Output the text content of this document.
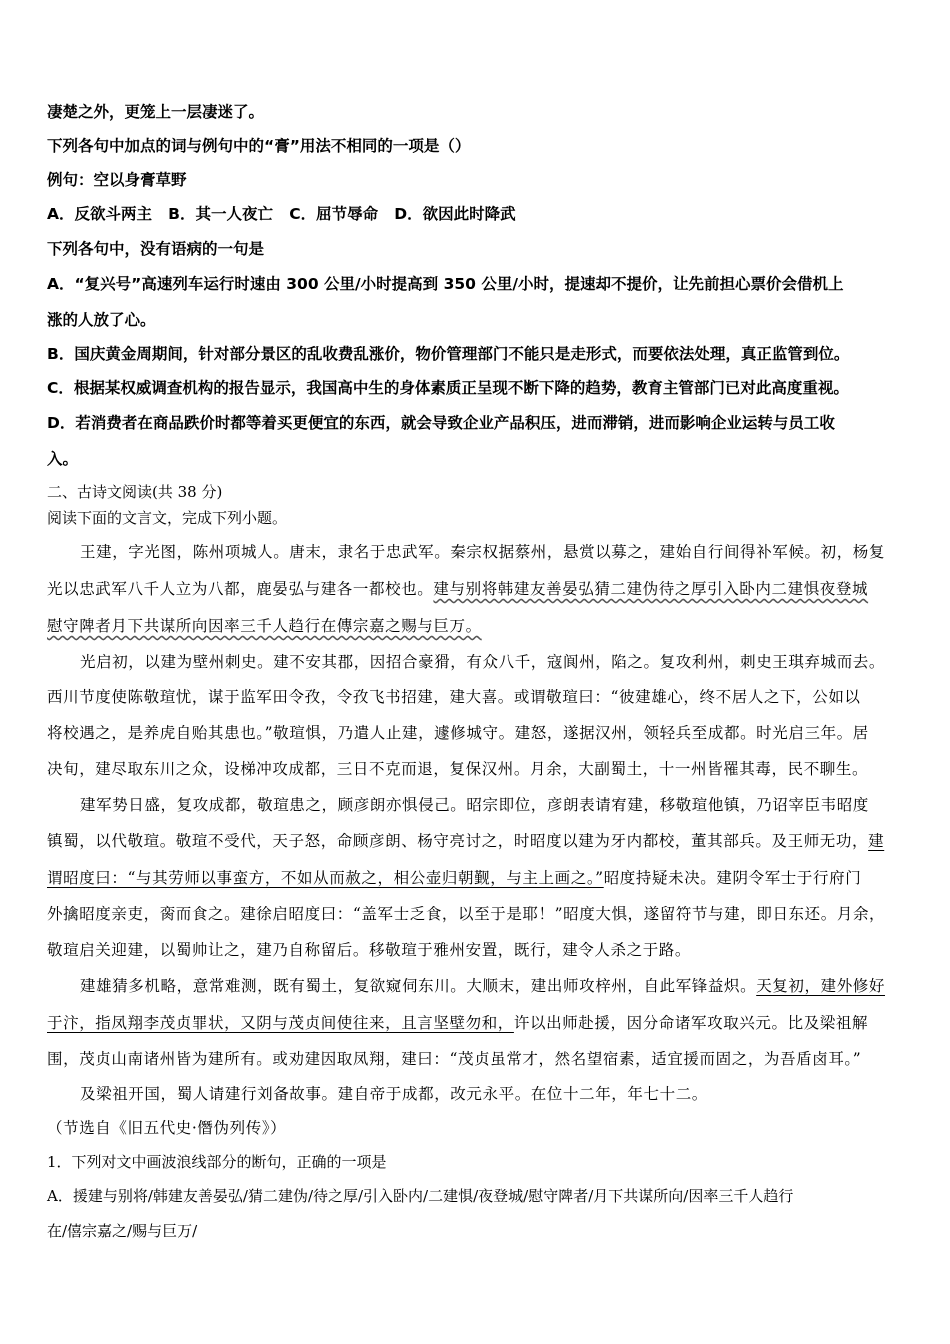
凄楚之外，更笼上一层凄迷了。
下列各句中加点的词与例句中的“膏”用法不相同的一项是（）
例句：空以身膏草野
A．反欲斗两主   B．其一人夜亡   C．屈节辱命   D．欲因此时降武
下列各句中，没有语病的一句是
A．“复兴号”高速列车运行时速由 300 公里/小时提高到 350 公里/小时，提速却不提价，让先前担心票价会借机上
涨的人放了心。
B．国庆黄金周期间，针对部分景区的乱收费乱涨价，物价管理部门不能只是走形式，而要依法处理，真正监管到位。
C．根据某权威调查机构的报告显示，我国高中生的身体素质正呈现不断下降的趋势，教育主管部门已对此高度重视。
D．若消费者在商品跌价时都等着买更便宜的东西，就会导致企业产品积压，进而滞销，进而影响企业运转与员工收
入。
二、古诗文阅读(共 38 分)
阅读下面的文言文，完成下列小题。
王建，字光图，陈州项城人。唐末，隶名于忠武军。秦宗权据蔡州，悬赏以募之，建始自行间得补军候。初，杨复
光以忠武军八千人立为八都，鹿晏弘与建各一都校也。建与别将韩建友善晏弘猜二建伪待之厚引入卧内二建惧夜登城
慰守陴者月下共谋所向因率三千人趋行在傳宗嘉之赐与巨万。
光启初，以建为壁州刺史。建不安其郡，因招合豪猾，有众八千，寇阆州，陷之。复攻利州，刺史王琪弃城而去。
西川节度使陈敬瑄忧，谋于监军田令孜，令孜飞书招建，建大喜。或谓敬瑄曰：“彼建雄心，终不居人之下，公如以
将校遇之，是养虎自贻其患也。”敬瑄惧，乃遣人止建，遽修城守。建怒，遂据汉州，领轻兵至成都。时光启三年。居
决旬，建尽取东川之众，设梯冲攻成都，三日不克而退，复保汉州。月余，大副蜀土，十一州皆罹其毒，民不聊生。
建军势日盛，复攻成都，敬瑄患之，顾彦朗亦惧侵己。昭宗即位，彦朗表请宥建，移敬瑄他镇，乃诏宰臣韦昭度
镇蜀，以代敬瑄。敬瑄不受代，天子怒，命顾彦朗、杨守亮讨之，时昭度以建为牙内都校，董其部兵。及王师无功，建
谓昭度曰：“与其劳师以事蛮方，不如从而赦之，相公壶归朝觐，与主上画之。”昭度持疑未决。建阴令军士于行府门
外擒昭度亲吏，脔而食之。建徐启昭度曰：“盖军士乏食，以至于是耶！”昭度大惧，遂留符节与建，即日东还。月余，
敬瑄启关迎建，以蜀帅让之，建乃自称留后。移敬瑄于雅州安置，既行，建令人杀之于路。
建雄猜多机略，意常难测，既有蜀土，复欲窥伺东川。大顺末，建出师攻梓州，自此军锋益炽。天复初，建外修好
于汴，指凤翔李茂贞罪状，又阴与茂贞间使往来，且言坚壁勿和，许以出师赴援，因分命诸军攻取兴元。比及梁祖解
围，茂贞山南诸州皆为建所有。或劝建因取凤翔，建曰：“茂贞虽常才，然名望宿素，适宜援而固之，为吾盾卤耳。”
及梁祖开国，蜀人请建行刘备故事。建自帝于成都，改元永平。在位十二年，年七十二。
（节选自《旧五代史·僭伪列传》）
1．下列对文中画波浪线部分的断句，正确的一项是
A．援建与别将/韩建友善晏弘/猜二建伪/待之厚/引入卧内/二建惧/夜登城/慰守陴者/月下共谋所向/因率三千人趋行
在/僖宗嘉之/赐与巨万/
